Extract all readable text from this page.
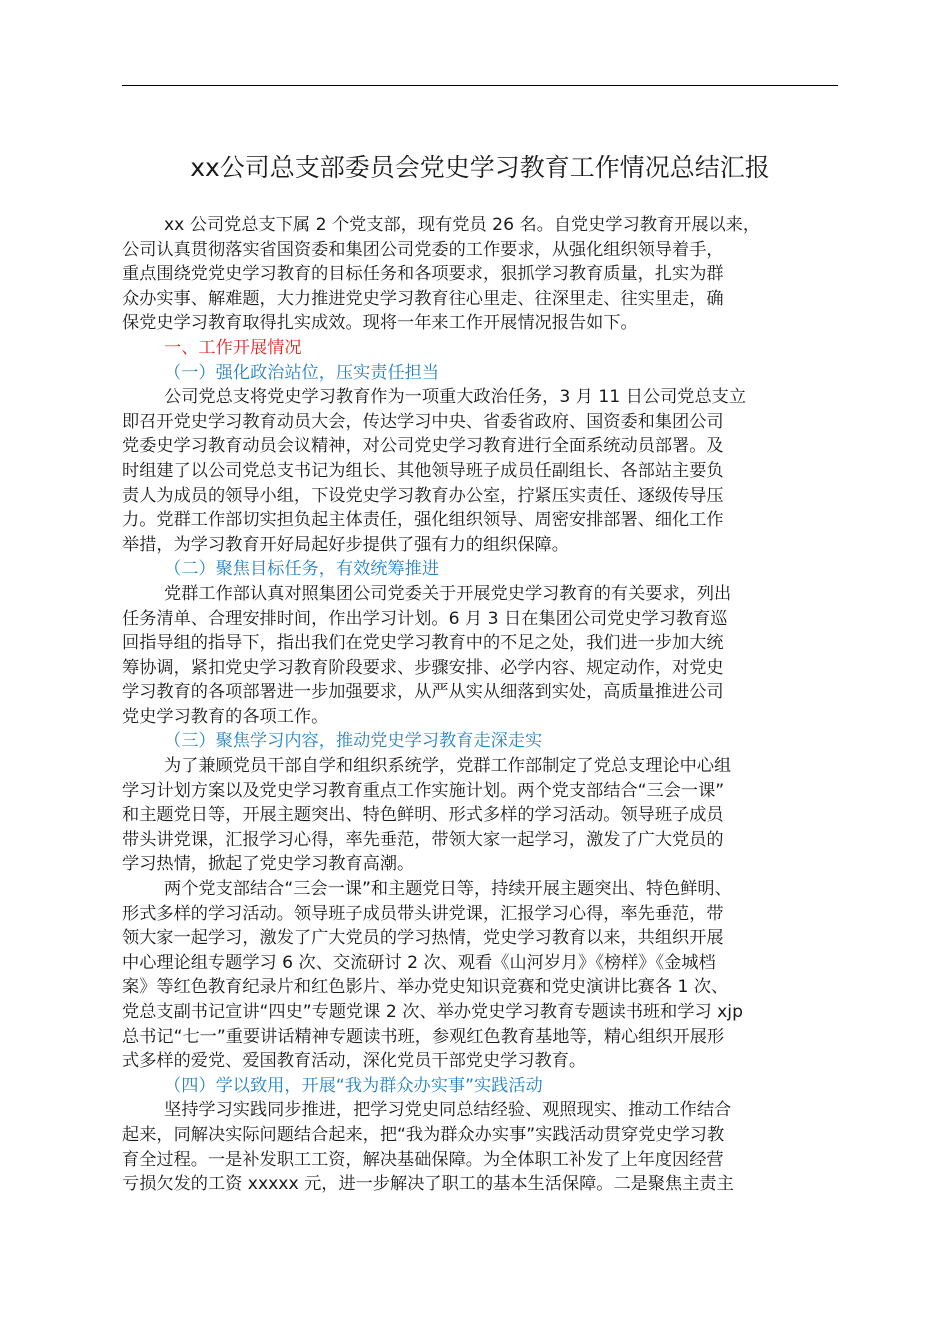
xx公司总支部委员会党史学习教育工作情况总结汇报
xx 公司党总支下属 2 个党支部，现有党员 26 名。自党史学习教育开展以来，
公司认真贯彻落实省国资委和集团公司党委的工作要求，从强化组织领导着手，
重点围绕党党史学习教育的目标任务和各项要求，狠抓学习教育质量，扎实为群
众办实事、解难题，大力推进党史学习教育往心里走、往深里走、往实里走，确
保党史学习教育取得扎实成效。现将一年来工作开展情况报告如下。
一、工作开展情况
（一）强化政治站位，压实责任担当
公司党总支将党史学习教育作为一项重大政治任务，3 月 11 日公司党总支立
即召开党史学习教育动员大会，传达学习中央、省委省政府、国资委和集团公司
党委史学习教育动员会议精神，对公司党史学习教育进行全面系统动员部署。及
时组建了以公司党总支书记为组长、其他领导班子成员任副组长、各部站主要负
责人为成员的领导小组，下设党史学习教育办公室，拧紧压实责任、逐级传导压
力。党群工作部切实担负起主体责任，强化组织领导、周密安排部署、细化工作
举措，为学习教育开好局起好步提供了强有力的组织保障。
（二）聚焦目标任务，有效统筹推进
党群工作部认真对照集团公司党委关于开展党史学习教育的有关要求，列出
任务清单、合理安排时间，作出学习计划。6 月 3 日在集团公司党史学习教育巡
回指导组的指导下，指出我们在党史学习教育中的不足之处，我们进一步加大统
筹协调，紧扣党史学习教育阶段要求、步骤安排、必学内容、规定动作，对党史
学习教育的各项部署进一步加强要求，从严从实从细落到实处，高质量推进公司
党史学习教育的各项工作。
（三）聚焦学习内容，推动党史学习教育走深走实
为了兼顾党员干部自学和组织系统学，党群工作部制定了党总支理论中心组
学习计划方案以及党史学习教育重点工作实施计划。两个党支部结合“三会一课”
和主题党日等，开展主题突出、特色鲜明、形式多样的学习活动。领导班子成员
带头讲党课，汇报学习心得，率先垂范，带领大家一起学习，激发了广大党员的
学习热情，掀起了党史学习教育高潮。
两个党支部结合“三会一课”和主题党日等，持续开展主题突出、特色鲜明、
形式多样的学习活动。领导班子成员带头讲党课，汇报学习心得，率先垂范，带
领大家一起学习，激发了广大党员的学习热情，党史学习教育以来，共组织开展
中心理论组专题学习 6 次、交流研讨 2 次、观看《山河岁月》《榜样》《金城档
案》等红色教育纪录片和红色影片、举办党史知识竞赛和党史演讲比赛各 1 次、
党总支副书记宣讲“四史”专题党课 2 次、举办党史学习教育专题读书班和学习 xjp
总书记“七一”重要讲话精神专题读书班，参观红色教育基地等，精心组织开展形
式多样的爱党、爱国教育活动，深化党员干部党史学习教育。
（四）学以致用，开展“我为群众办实事”实践活动
坚持学习实践同步推进，把学习党史同总结经验、观照现实、推动工作结合
起来，同解决实际问题结合起来，把“我为群众办实事”实践活动贯穿党史学习教
育全过程。一是补发职工工资，解决基础保障。为全体职工补发了上年度因经营
亏损欠发的工资 xxxxx 元，进一步解决了职工的基本生活保障。二是聚焦主责主
